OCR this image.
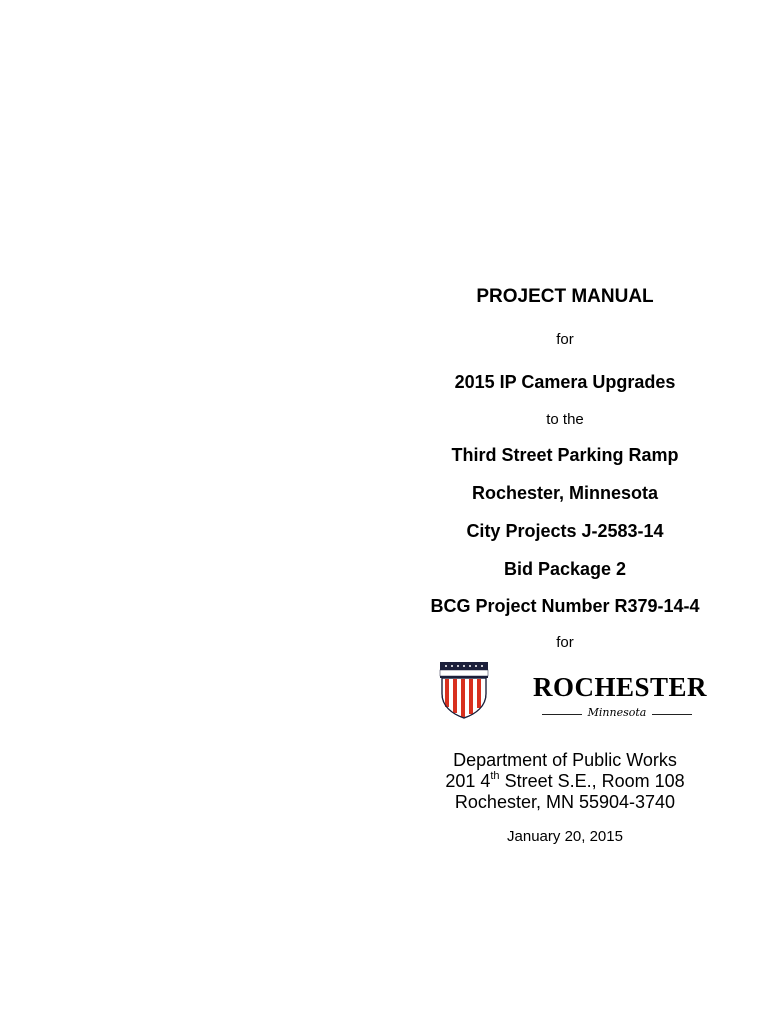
PROJECT MANUAL
for
2015 IP Camera Upgrades
to the
Third Street Parking Ramp
Rochester, Minnesota
City Projects J-2583-14
Bid Package 2
BCG Project Number R379-14-4
for
ROCHESTER
Minnesota
Department of Public Works
201 4th Street S.E., Room 108
Rochester, MN 55904-3740
January 20, 2015
